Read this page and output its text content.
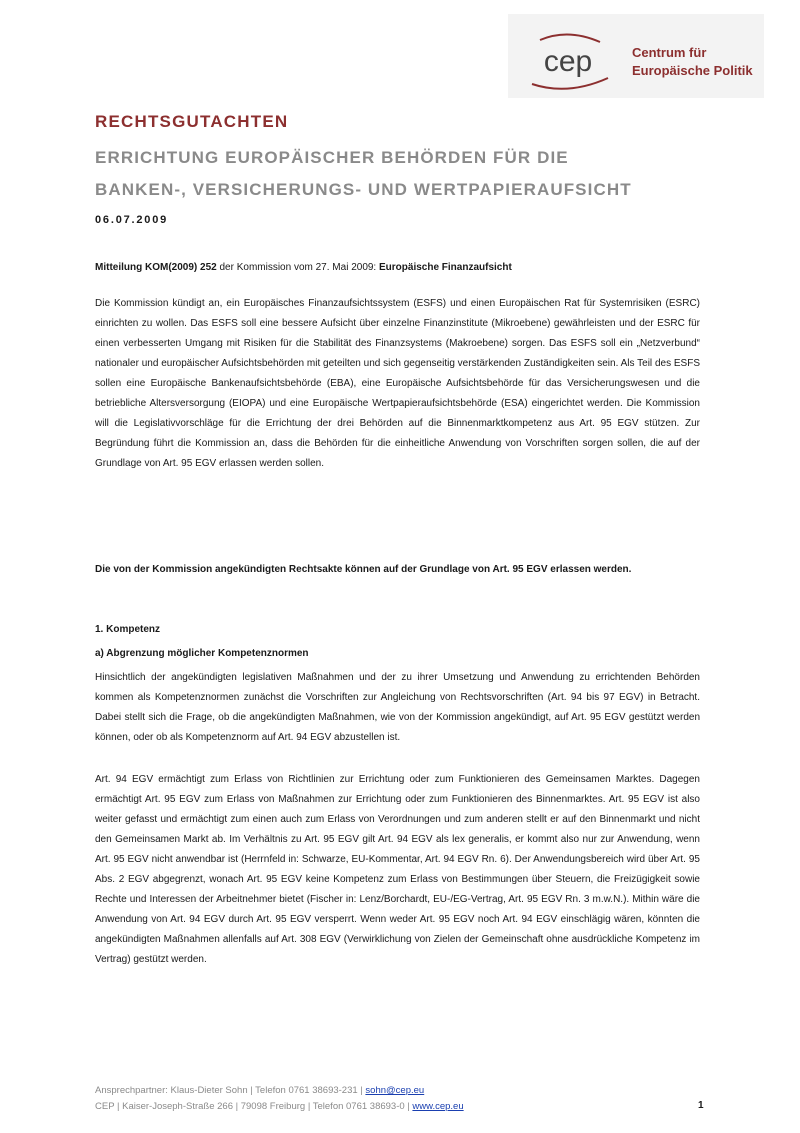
cep	Centrum für
Europäische Politik
RECHTSGUTACHTEN
ERRICHTUNG EUROPÄISCHER BEHÖRDEN FÜR DIE
BANKEN-, VERSICHERUNGS- UND WERTPAPIERAUFSICHT
06.07.2009
Mitteilung KOM(2009) 252 der Kommission vom 27. Mai 2009: Europäische Finanzaufsicht
Die Kommission kündigt an, ein Europäisches Finanzaufsichtssystem (ESFS) und einen Europäischen Rat für Systemrisiken (ESRC) einrichten zu wollen. Das ESFS soll eine bessere Aufsicht über einzelne Finanzinstitute (Mikroebene) gewährleisten und der ESRC für einen verbesserten Umgang mit Risiken für die Stabilität des Finanzsystems (Makroebene) sorgen. Das ESFS soll ein „Netzverbund“ nationaler und europäischer Aufsichtsbehörden mit geteilten und sich gegenseitig verstärkenden Zuständigkeiten sein. Als Teil des ESFS sollen eine Europäische Bankenaufsichtsbehörde (EBA), eine Europäische Aufsichtsbehörde für das Versicherungswesen und die betriebliche Altersversorgung (EIOPA) und eine Europäische Wertpapieraufsichtsbehörde (ESA) eingerichtet werden. Die Kommission will die Legislativvorschläge für die Errichtung der drei Behörden auf die Binnenmarktkompetenz aus Art. 95 EGV stützen. Zur Begründung führt die Kommission an, dass die Behörden für die einheitliche Anwendung von Vorschriften sorgen sollen, die auf der Grundlage von Art. 95 EGV erlassen werden sollen.
Die von der Kommission angekündigten Rechtsakte können auf der Grundlage von Art. 95 EGV erlassen werden.
1. Kompetenz
a) Abgrenzung möglicher Kompetenznormen
Hinsichtlich der angekündigten legislativen Maßnahmen und der zu ihrer Umsetzung und Anwendung zu errichtenden Behörden kommen als Kompetenznormen zunächst die Vorschriften zur Angleichung von Rechtsvorschriften (Art. 94 bis 97 EGV) in Betracht. Dabei stellt sich die Frage, ob die angekündigten Maßnahmen, wie von der Kommission angekündigt, auf Art. 95 EGV gestützt werden können, oder ob als Kompetenznorm auf Art. 94 EGV abzustellen ist.
Art. 94 EGV ermächtigt zum Erlass von Richtlinien zur Errichtung oder zum Funktionieren des Gemeinsamen Marktes. Dagegen ermächtigt Art. 95 EGV zum Erlass von Maßnahmen zur Errichtung oder zum Funktionieren des Binnenmarktes. Art. 95 EGV ist also weiter gefasst und ermächtigt zum einen auch zum Erlass von Verordnungen und zum anderen stellt er auf den Binnenmarkt und nicht den Gemeinsamen Markt ab. Im Verhältnis zu Art. 95 EGV gilt Art. 94 EGV als lex generalis, er kommt also nur zur Anwendung, wenn Art. 95 EGV nicht anwendbar ist (Herrnfeld in: Schwarze, EU-Kommentar, Art. 94 EGV Rn. 6). Der Anwendungsbereich wird über Art. 95 Abs. 2 EGV abgegrenzt, wonach Art. 95 EGV keine Kompetenz zum Erlass von Bestimmungen über Steuern, die Freizügigkeit sowie Rechte und Interessen der Arbeitnehmer bietet (Fischer in: Lenz/Borchardt, EU-/EG-Vertrag, Art. 95 EGV Rn. 3 m.w.N.). Mithin wäre die Anwendung von Art. 94 EGV durch Art. 95 EGV versperrt. Wenn weder Art. 95 EGV noch Art. 94 EGV einschlägig wären, könnten die angekündigten Maßnahmen allenfalls auf Art. 308 EGV (Verwirklichung von Zielen der Gemeinschaft ohne ausdrückliche Kompetenz im Vertrag) gestützt werden.
Ansprechpartner: Klaus-Dieter Sohn | Telefon 0761 38693-231 | sohn@cep.eu
CEP | Kaiser-Joseph-Straße 266 | 79098 Freiburg | Telefon 0761 38693-0 | www.cep.eu	1
